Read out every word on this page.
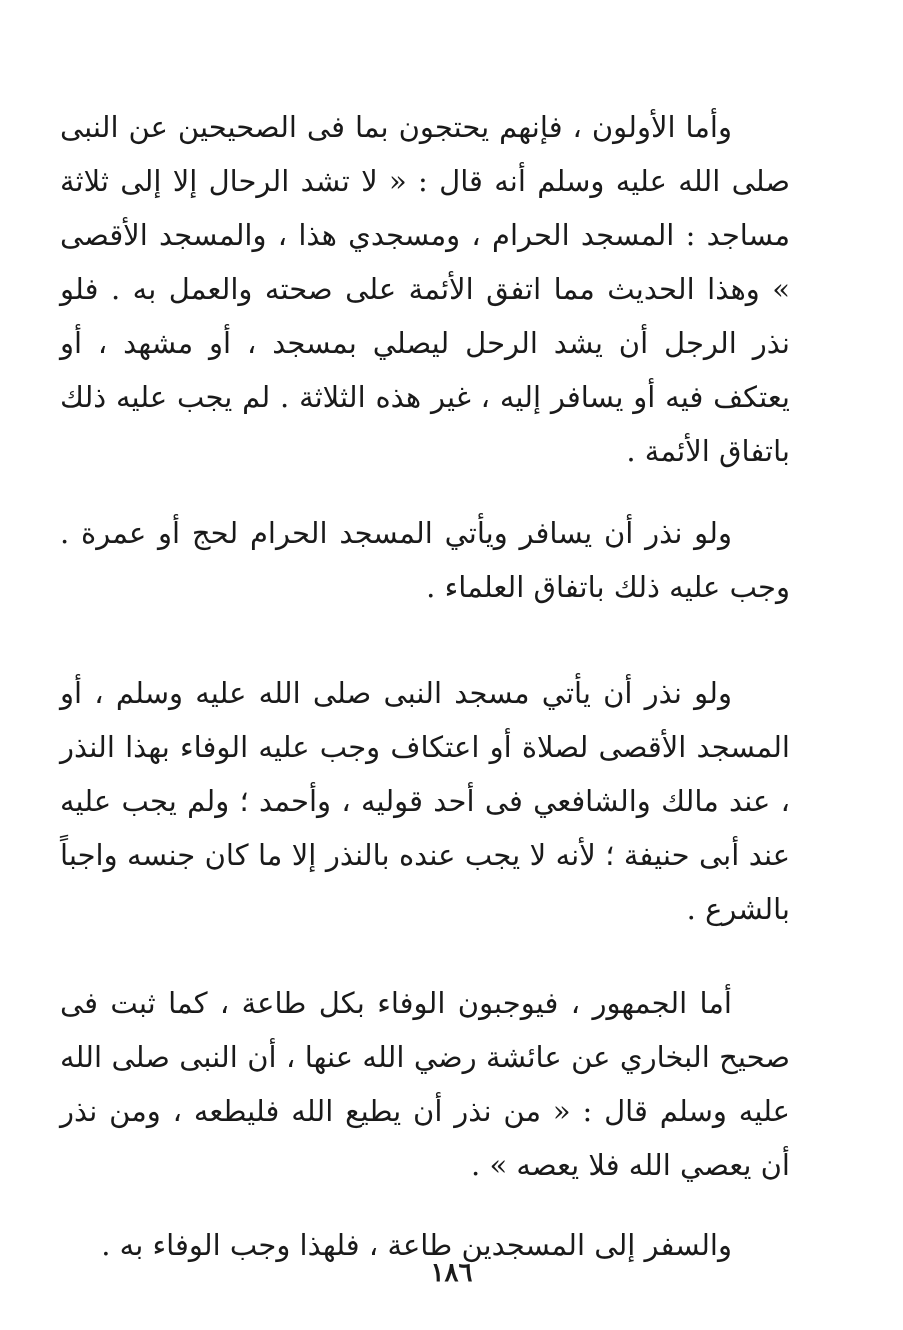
وأما الأولون ، فإنهم يحتجون بما فى الصحيحين عن النبى صلى الله عليه وسلم أنه قال : « لا تشد الرحال إلا إلى ثلاثة مساجد : المسجد الحرام ، ومسجدي هذا ، والمسجد الأقصى » وهذا الحديث مما اتفق الأئمة على صحته والعمل به . فلو نذر الرجل أن يشد الرحل ليصلي بمسجد ، أو مشهد ، أو يعتكف فيه أو يسافر إليه ، غير هذه الثلاثة . لم يجب عليه ذلك باتفاق الأئمة .

ولو نذر أن يسافر ويأتي المسجد الحرام لحج أو عمرة . وجب عليه ذلك باتفاق العلماء .

ولو نذر أن يأتي مسجد النبى صلى الله عليه وسلم ، أو المسجد الأقصى لصلاة أو اعتكاف وجب عليه الوفاء بهذا النذر ، عند مالك والشافعي فى أحد قوليه ، وأحمد ؛ ولم يجب عليه عند أبى حنيفة ؛ لأنه لا يجب عنده بالنذر إلا ما كان جنسه واجباً بالشرع .

أما الجمهور ، فيوجبون الوفاء بكل طاعة ، كما ثبت فى صحيح البخاري عن عائشة رضي الله عنها ، أن النبى صلى الله عليه وسلم قال : « من نذر أن يطيع الله فليطعه ، ومن نذر أن يعصي الله فلا يعصه » .

والسفر إلى المسجدين طاعة ، فلهذا وجب الوفاء به .

١٨٦
